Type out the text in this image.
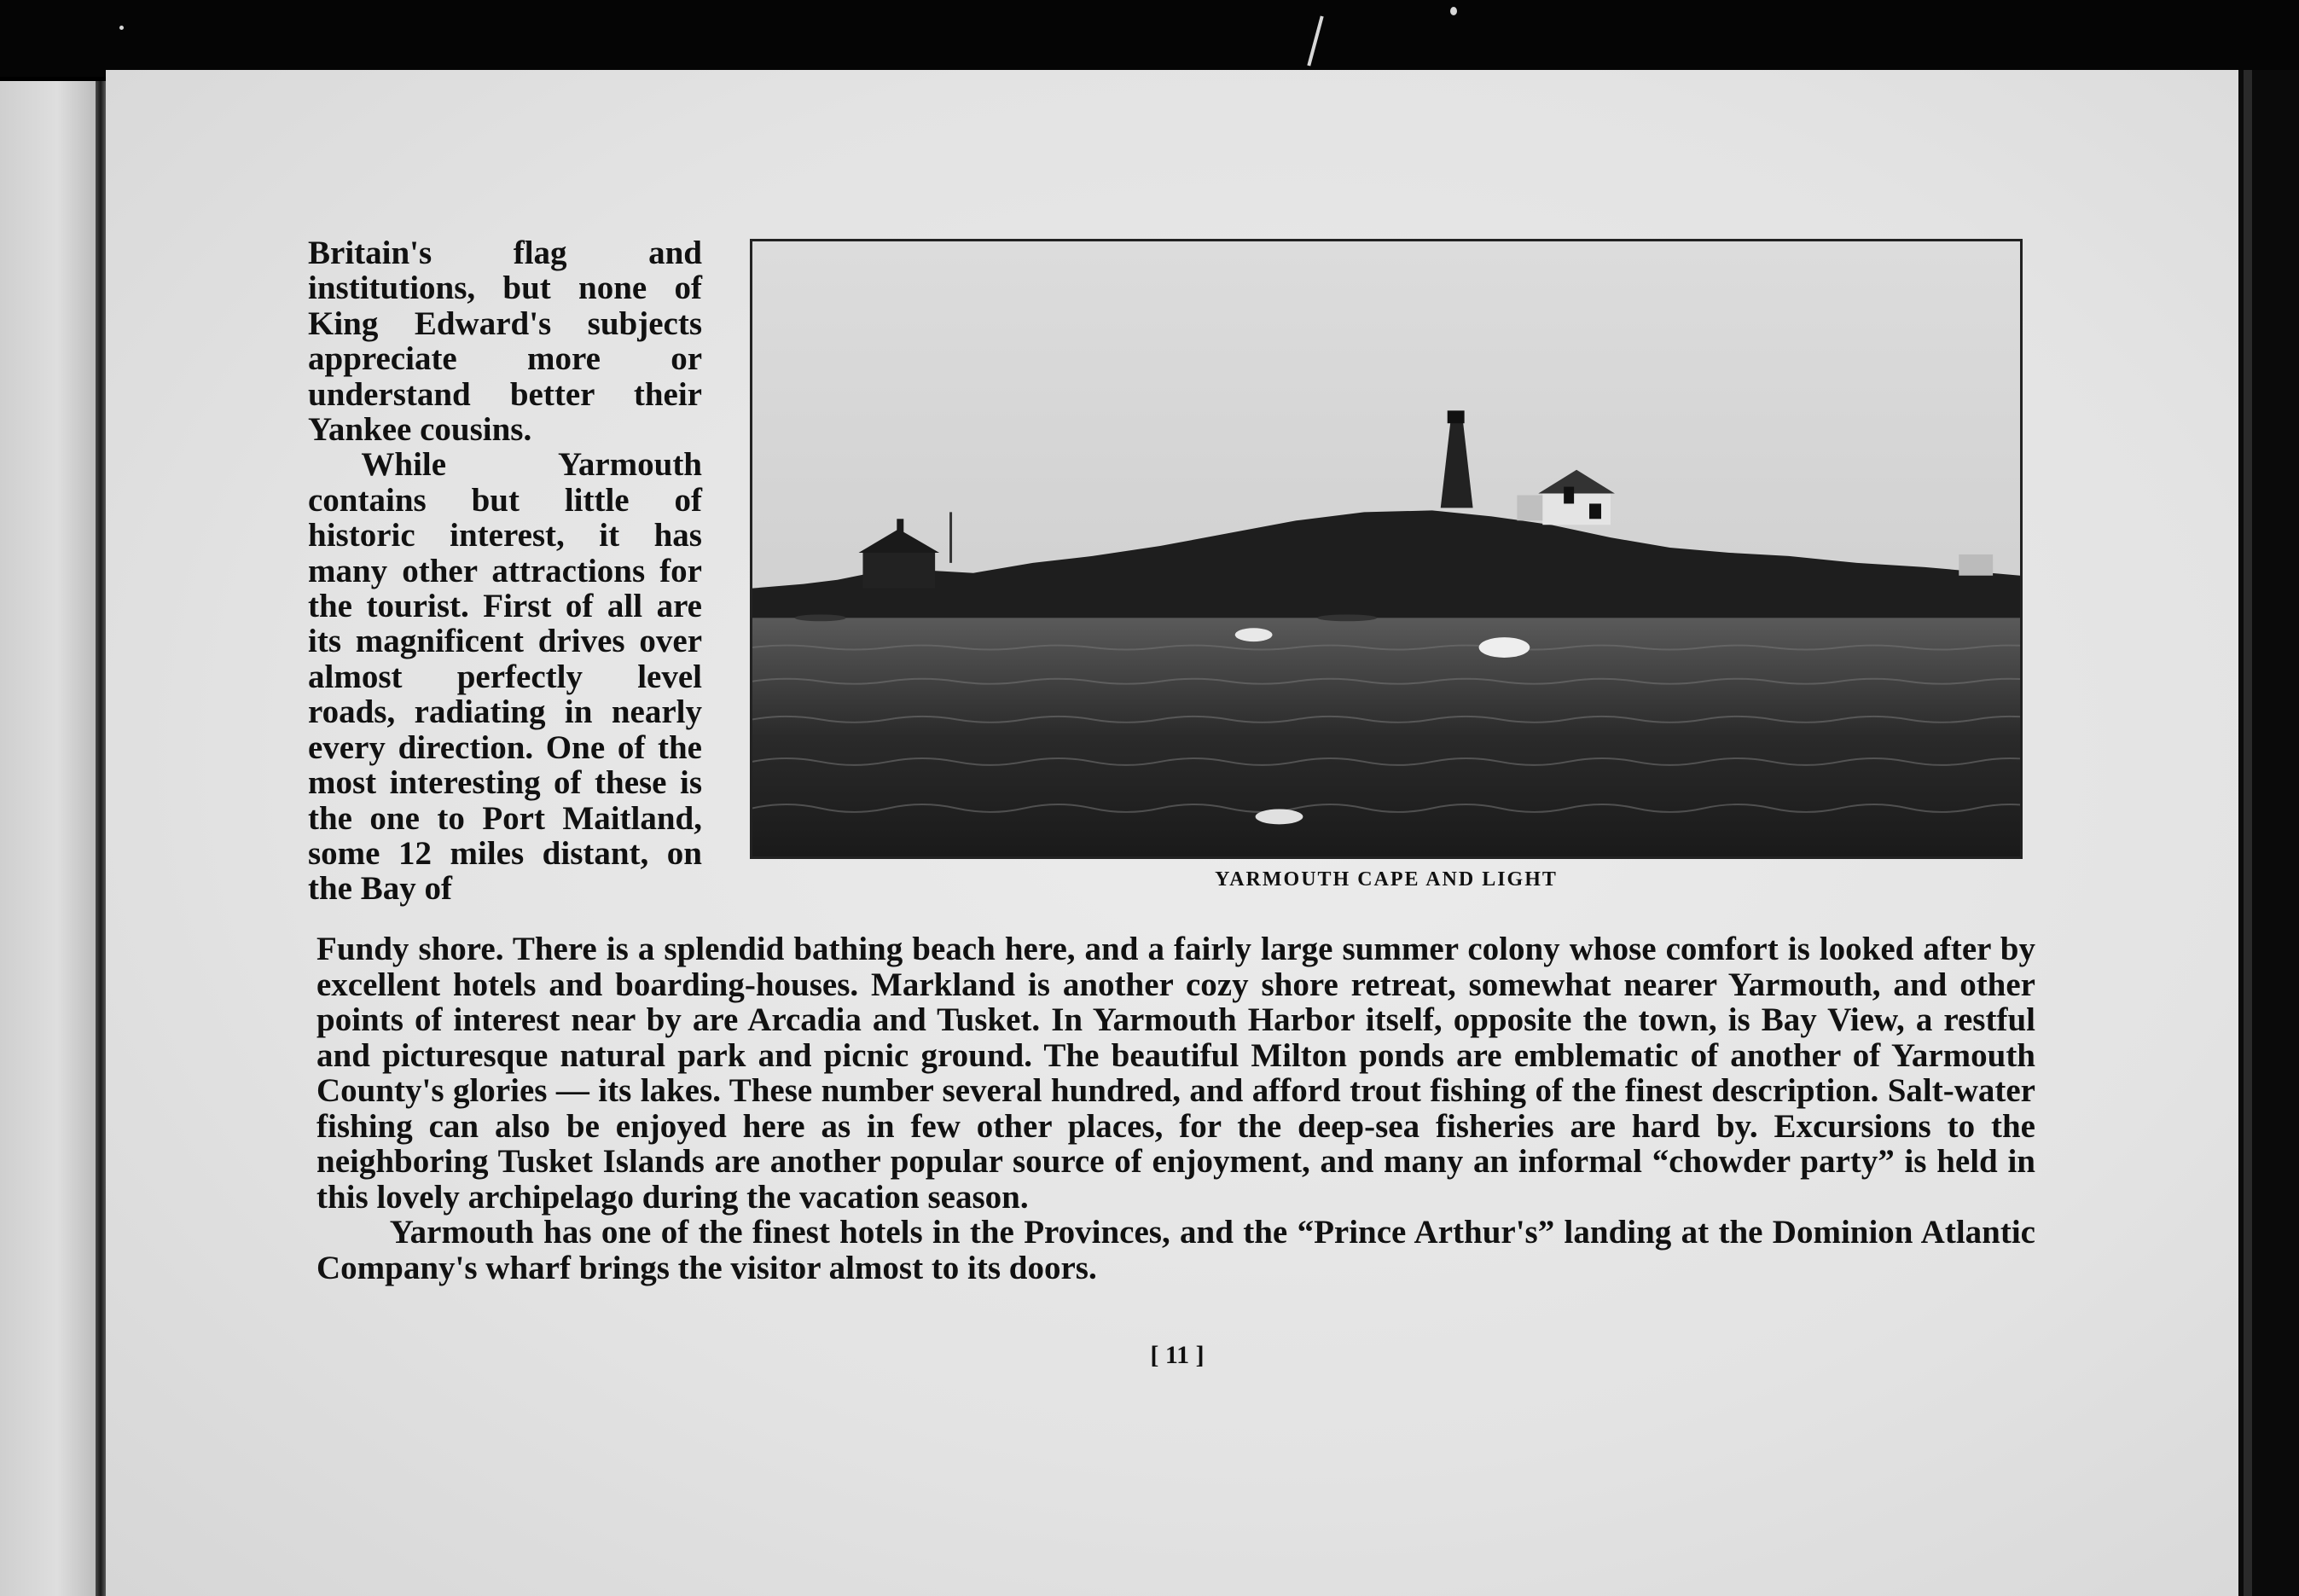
Britain's flag and institutions, but none of King Edward's subjects appreciate more or understand better their Yankee cousins.

While Yarmouth contains but little of historic interest, it has many other attractions for the tourist. First of all are its magnificent drives over almost perfectly level roads, radiating in nearly every direction. One of the most interesting of these is the one to Port Maitland, some 12 miles distant, on the Bay of	YARMOUTH CAPE AND LIGHT

Fundy shore. There is a splendid bathing beach here, and a fairly large summer colony whose comfort is looked after by excellent hotels and boarding-houses. Markland is another cozy shore retreat, somewhat nearer Yarmouth, and other points of interest near by are Arcadia and Tusket. In Yarmouth Harbor itself, opposite the town, is Bay View, a restful and picturesque natural park and picnic ground. The beautiful Milton ponds are emblematic of another of Yarmouth County's glories — its lakes. These number several hundred, and afford trout fishing of the finest description. Salt-water fishing can also be enjoyed here as in few other places, for the deep-sea fisheries are hard by. Excursions to the neighboring Tusket Islands are another popular source of enjoyment, and many an informal “chowder party” is held in this lovely archipelago during the vacation season.

Yarmouth has one of the finest hotels in the Provinces, and the “Prince Arthur's” landing at the Dominion Atlantic Company's wharf brings the visitor almost to its doors.

[ 11 ]
